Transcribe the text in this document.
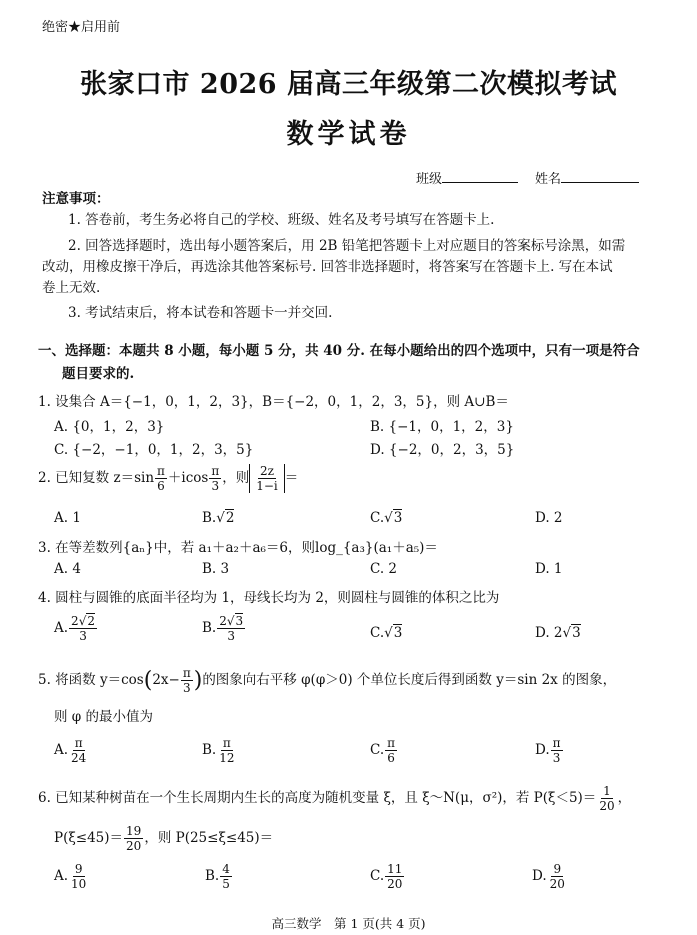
绝密★启用前
张家口市 2026 届高三年级第二次模拟考试
数学试卷
班级	姓名
注意事项：
1. 答卷前，考生务必将自己的学校、班级、姓名及考号填写在答题卡上.
2. 回答选择题时，选出每小题答案后，用 2B 铅笔把答题卡上对应题目的答案标号涂黑，如需
改动，用橡皮擦干净后，再选涂其他答案标号. 回答非选择题时，将答案写在答题卡上. 写在本试
卷上无效.
3. 考试结束后，将本试卷和答题卡一并交回.
一、选择题：本题共 8 小题，每小题 5 分，共 40 分. 在每小题给出的四个选项中，只有一项是符合
题目要求的.
1. 设集合 A＝{−1，0，1，2，3}，B＝{−2，0，1，2，3，5}，则 A∪B＝
A. {0，1，2，3}	B. {−1，0，1，2，3}
C. {−2，−1，0，1，2，3，5}	D. {−2，0，2，3，5}
2. 已知复数 $z=\sin \frac{\pi}{6} +icos \frac{\pi}{3}$ ，则 $\frac{2z}{1-i}$ ＝
A. 1	B.√2	C.√3	D. 2
3. 在等差数列{aₙ}中，若 a₁＋a₂＋a₆＝6，则log_{a₃}(a₁＋a₅)＝
A. 4	B. 3	C. 2	D. 1
4. 圆柱与圆锥的底面半径均为 1，母线长均为 2，则圆柱与圆锥的体积之比为
A. $\frac{2√2}{3}$	B. $\frac{2√3}{3}$	C.√3	D. 2√3
5. 将函数 $y=\cos(2x- \frac{\pi}{3}$ )的图象向右平移 φ(φ＞0) 个单位长度后得到函数 y＝sin 2x 的图象，
则 φ 的最小值为
A. $\frac{\pi}{24}$	B. $\frac{\pi}{12}$	C. $\frac{\pi}{6}$	D. $\frac{\pi}{3}$
6. 已知某种树苗在一个生长周期内生长的高度为随机变量 ξ，且 ξ～N(μ，σ²)，若 $P(\xi<5)= \frac{1}{20}$ ，
$P(\xi\le 45)= \frac{19}{20}$ ，则 P(25≤ξ≤45)＝
A. $\frac{9}{10}$	B. $\frac{4}{5}$	C. $\frac{11}{20}$	D. $\frac{9}{20}$
高三数学　第 1 页(共 4 页)
